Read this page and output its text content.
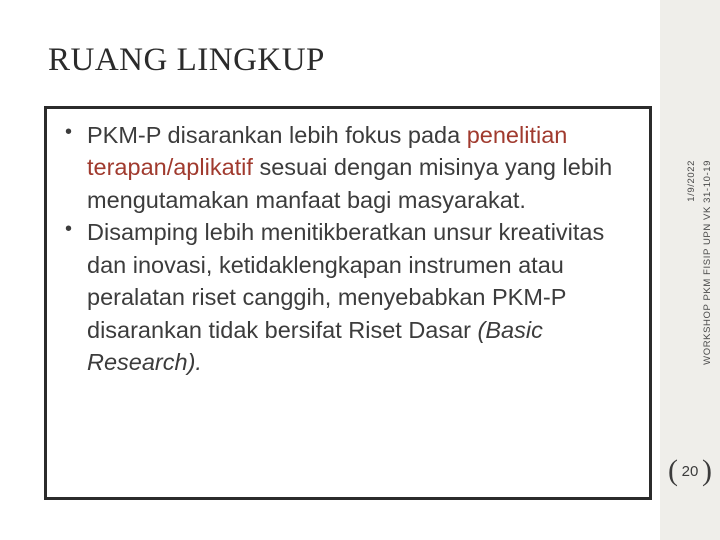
RUANG LINGKUP
• PKM-P disarankan lebih fokus pada penelitian terapan/aplikatif sesuai dengan misinya yang lebih mengutamakan manfaat bagi masyarakat.
• Disamping lebih menitikberatkan unsur kreativitas dan inovasi, ketidaklengkapan instrumen atau peralatan riset canggih, menyebabkan PKM-P disarankan tidak bersifat Riset Dasar (Basic Research).	WORKSHOP PKM FISIP UPN VK 31-10-19
1/9/2022
( 20 )
